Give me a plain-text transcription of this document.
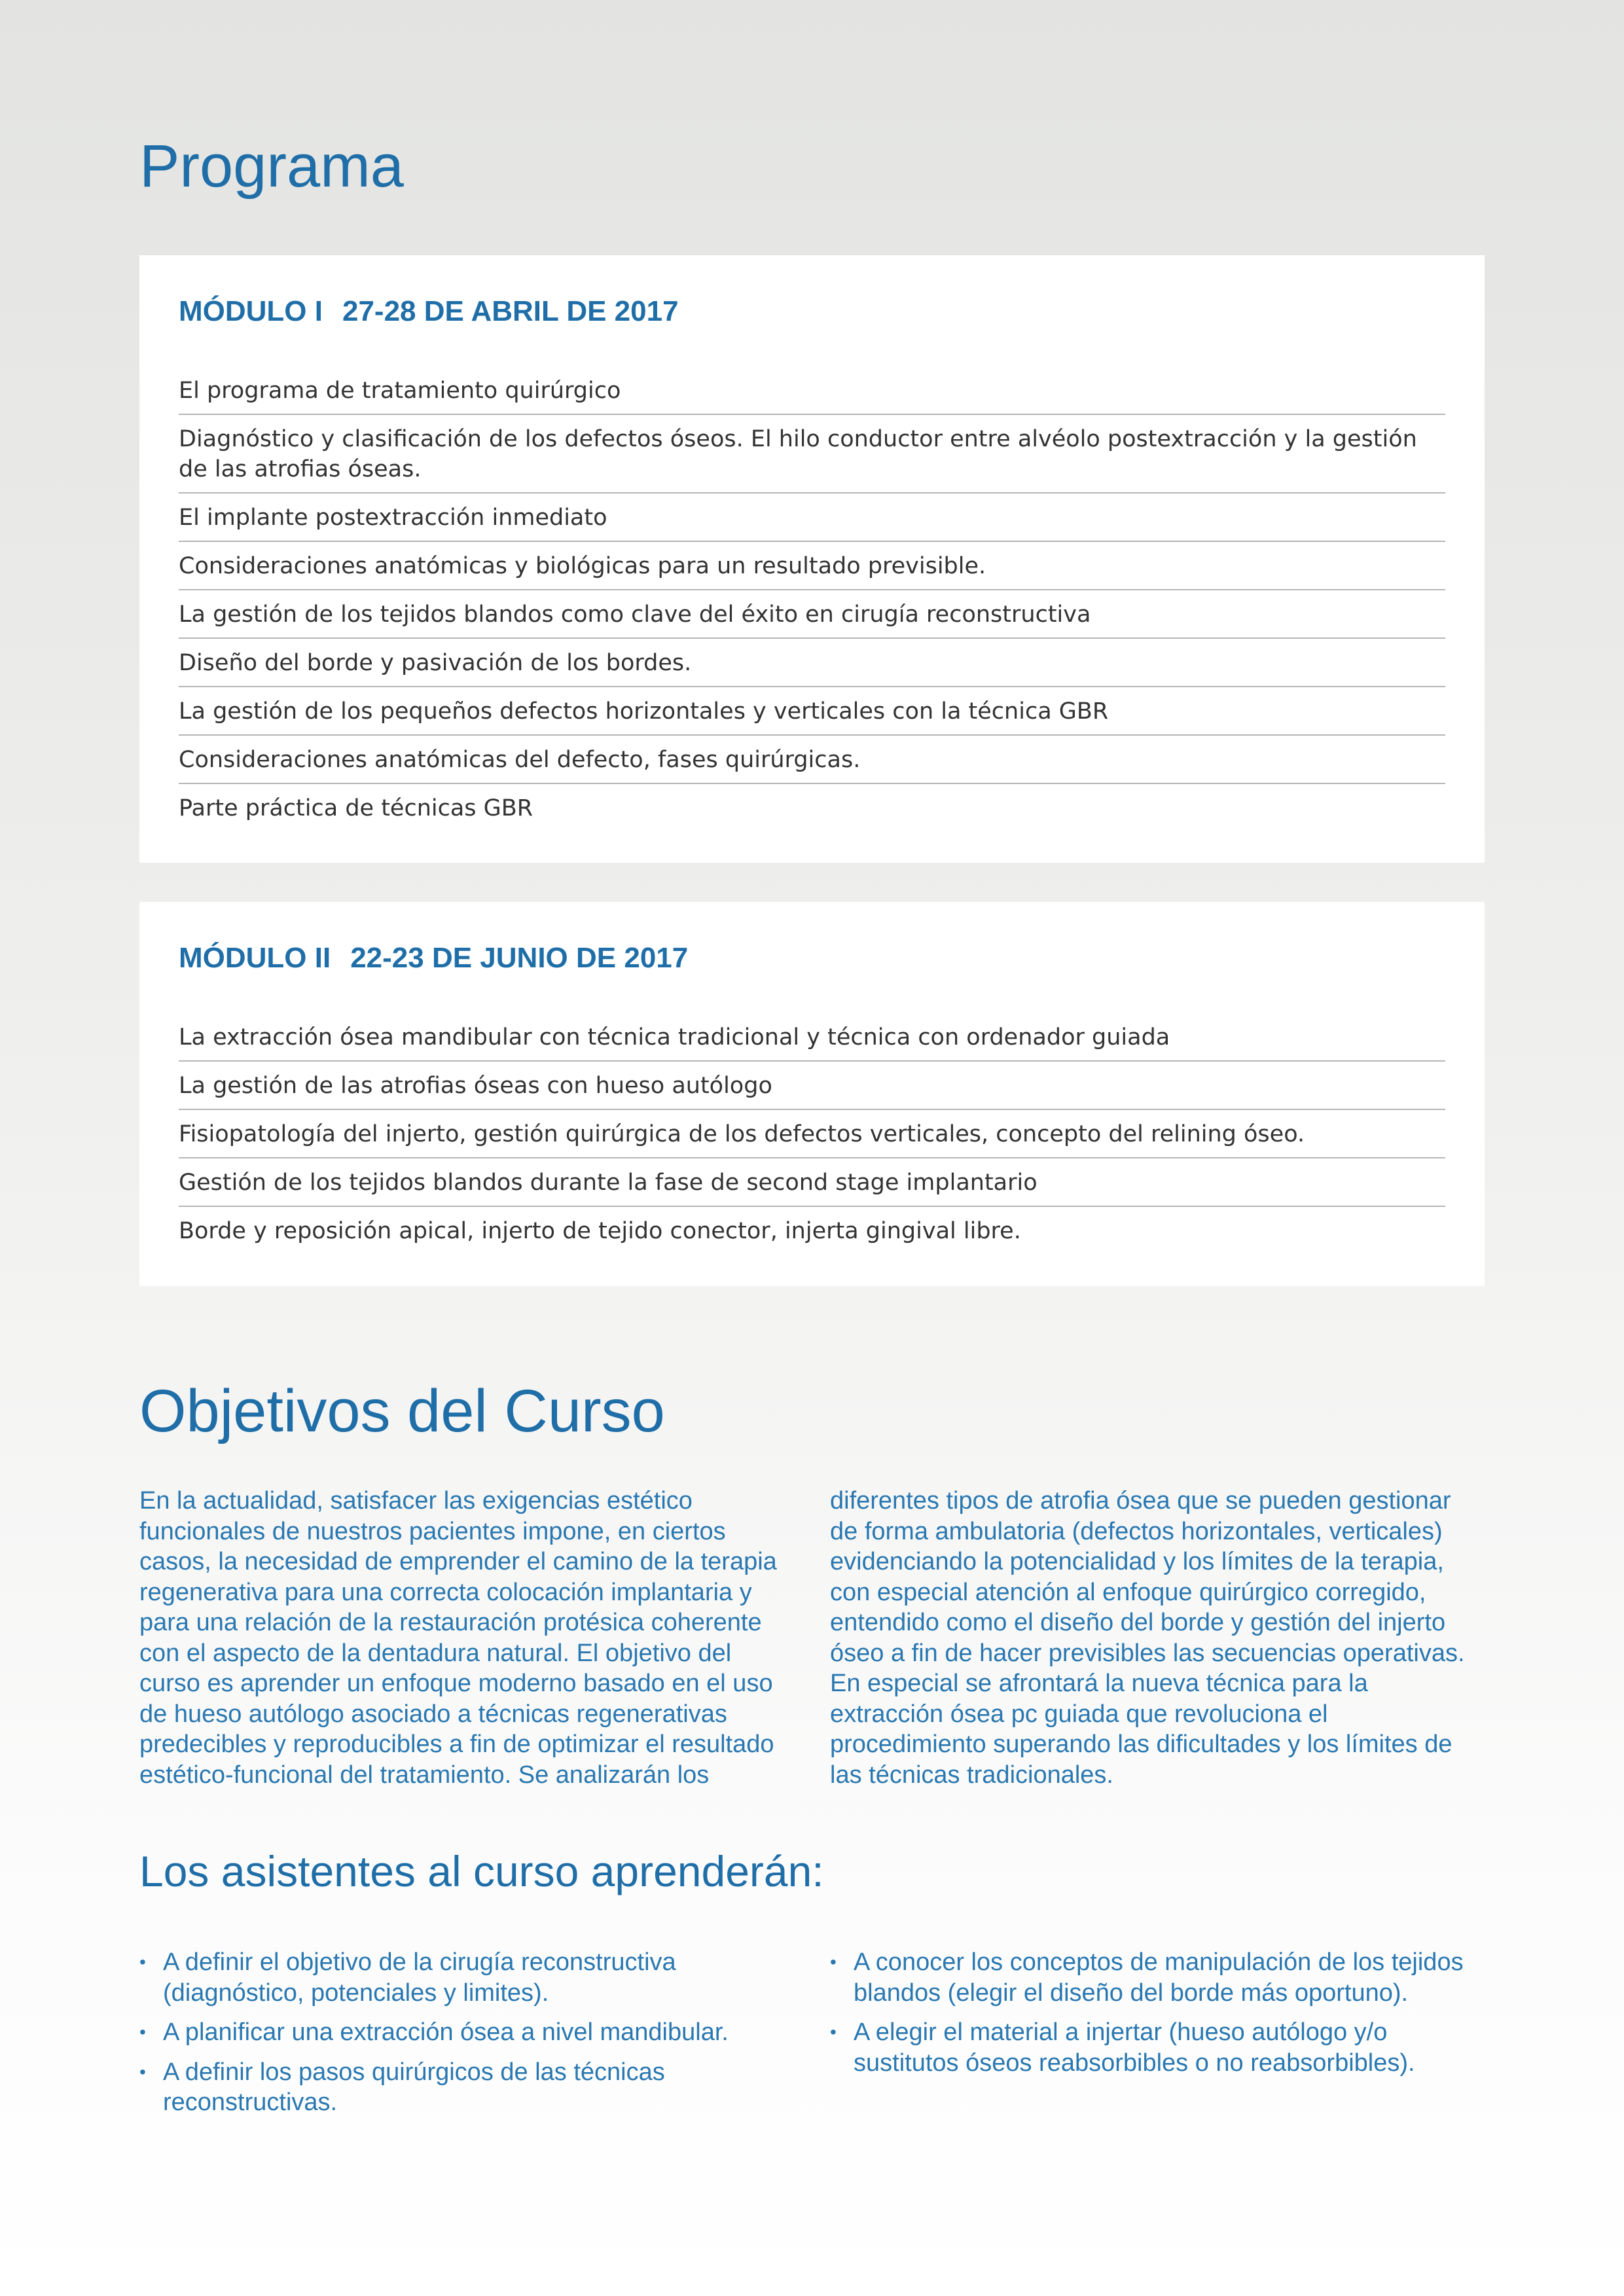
Programa
MÓDULO I 27-28 DE ABRIL DE 2017
El programa de tratamiento quirúrgico
Diagnóstico y clasificación de los defectos óseos. El hilo conductor entre alvéolo postextracción y la gestión de las atrofias óseas.
El implante postextracción inmediato
Consideraciones anatómicas y biológicas para un resultado previsible.
La gestión de los tejidos blandos como clave del éxito en cirugía reconstructiva
Diseño del borde y pasivación de los bordes.
La gestión de los pequeños defectos horizontales y verticales con la técnica GBR
Consideraciones anatómicas del defecto, fases quirúrgicas.
Parte práctica de técnicas GBR
MÓDULO II 22-23 DE JUNIO DE 2017
La extracción ósea mandibular con técnica tradicional y técnica con ordenador guiada
La gestión de las atrofias óseas con hueso autólogo
Fisiopatología del injerto, gestión quirúrgica de los defectos verticales, concepto del relining óseo.
Gestión de los tejidos blandos durante la fase de second stage implantario
Borde y reposición apical, injerto de tejido conector, injerta gingival libre.
Objetivos del Curso

En la actualidad, satisfacer las exigencias estético funcionales de nuestros pacientes impone, en ciertos casos, la necesidad de emprender el camino de la terapia regenerativa para una correcta colocación implantaria y para una relación de la restauración protésica coherente con el aspecto de la dentadura natural. El objetivo del curso es aprender un enfoque moderno basado en el uso de hueso autólogo asociado a técnicas regenerativas predecibles y reproducibles a fin de optimizar el resultado estético-funcional del tratamiento. Se analizarán los

diferentes tipos de atrofia ósea que se pueden gestionar de forma ambulatoria (defectos horizontales, verticales) evidenciando la potencialidad y los límites de la terapia, con especial atención al enfoque quirúrgico corregido, entendido como el diseño del borde y gestión del injerto óseo a fin de hacer previsibles las secuencias operativas. En especial se afrontará la nueva técnica para la extracción ósea pc guiada que revoluciona el procedimiento superando las dificultades y los límites de las técnicas tradicionales.

Los asistentes al curso aprenderán:
• A definir el objetivo de la cirugía reconstructiva (diagnóstico, potenciales y limites).
• A planificar una extracción ósea a nivel mandibular.
• A definir los pasos quirúrgicos de las técnicas reconstructivas.
• A conocer los conceptos de manipulación de los tejidos blandos (elegir el diseño del borde más oportuno).
• A elegir el material a injertar (hueso autólogo y/o sustitutos óseos reabsorbibles o no reabsorbibles).
